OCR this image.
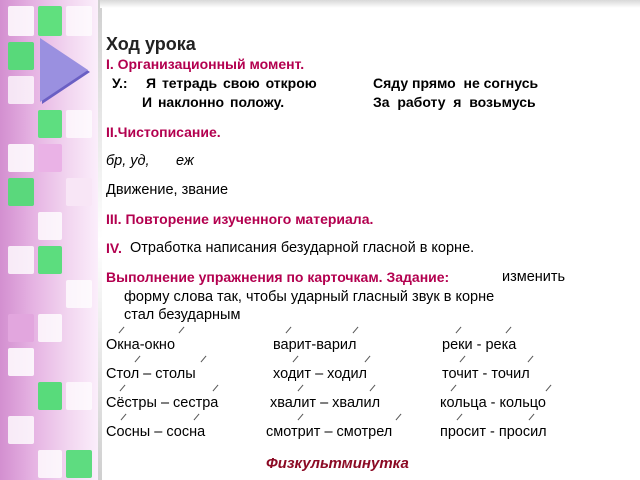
Ход урока
I. Организационный момент.
У.: Я тетрадь свою открою
И наклонно положу.
Сяду прямо  не согнусь
За  работу  я  возьмусь
II.Чистописание.
бр, уд, еж
Движение, звание
III. Повторение изученного материала.
IV. Отработка написания безударной гласной в корне.
Выполнение упражнения по карточкам. Задание:	изменить
форму слова так, чтобы ударный гласный звук в корне
стал безударным
Окна-окно	варит-варил	реки - река
Стол – столы	ходит – ходил	точит - точил
Сёстры – сестра	хвалит – хвалил	кольца - кольцо
Сосны – сосна	смотрит – смотрел	просит - просил
Физкультминутка
